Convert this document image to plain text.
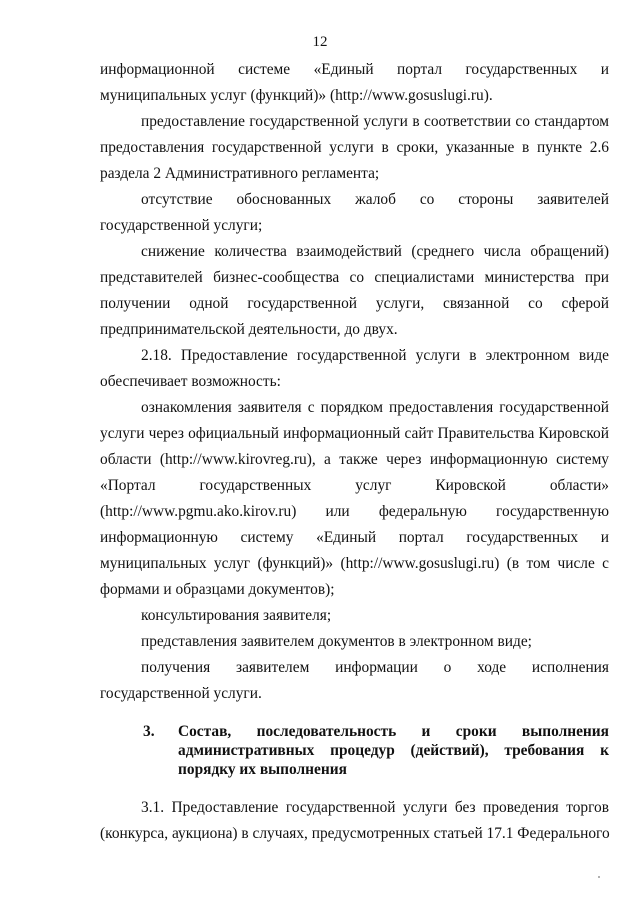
12
информационной системе «Единый портал государственных и
муниципальных услуг (функций)» (http://www.gosuslugi.ru).
предоставление государственной услуги в соответствии со стандартом
предоставления государственной услуги в сроки, указанные в пункте 2.6
раздела 2 Административного регламента;
отсутствие обоснованных жалоб со стороны заявителей
государственной услуги;
снижение количества взаимодействий (среднего числа обращений)
представителей бизнес-сообщества со специалистами министерства при
получении одной государственной услуги, связанной со сферой
предпринимательской деятельности, до двух.
2.18. Предоставление государственной услуги в электронном виде
обеспечивает возможность:
ознакомления заявителя с порядком предоставления государственной
услуги через официальный информационный сайт Правительства Кировской
области (http://www.kirovreg.ru), а также через информационную систему
«Портал государственных услуг Кировской области»
(http://www.pgmu.ako.kirov.ru) или федеральную государственную
информационную систему «Единый портал государственных и
муниципальных услуг (функций)» (http://www.gosuslugi.ru) (в том числе с
формами и образцами документов);
консультирования заявителя;
представления заявителем документов в электронном виде;
получения заявителем информации о ходе исполнения
государственной услуги.
3. Состав, последовательность и сроки выполнения
административных процедур (действий), требования к
порядку их выполнения
3.1. Предоставление государственной услуги без проведения торгов
(конкурса, аукциона) в случаях, предусмотренных статьей 17.1 Федерального
